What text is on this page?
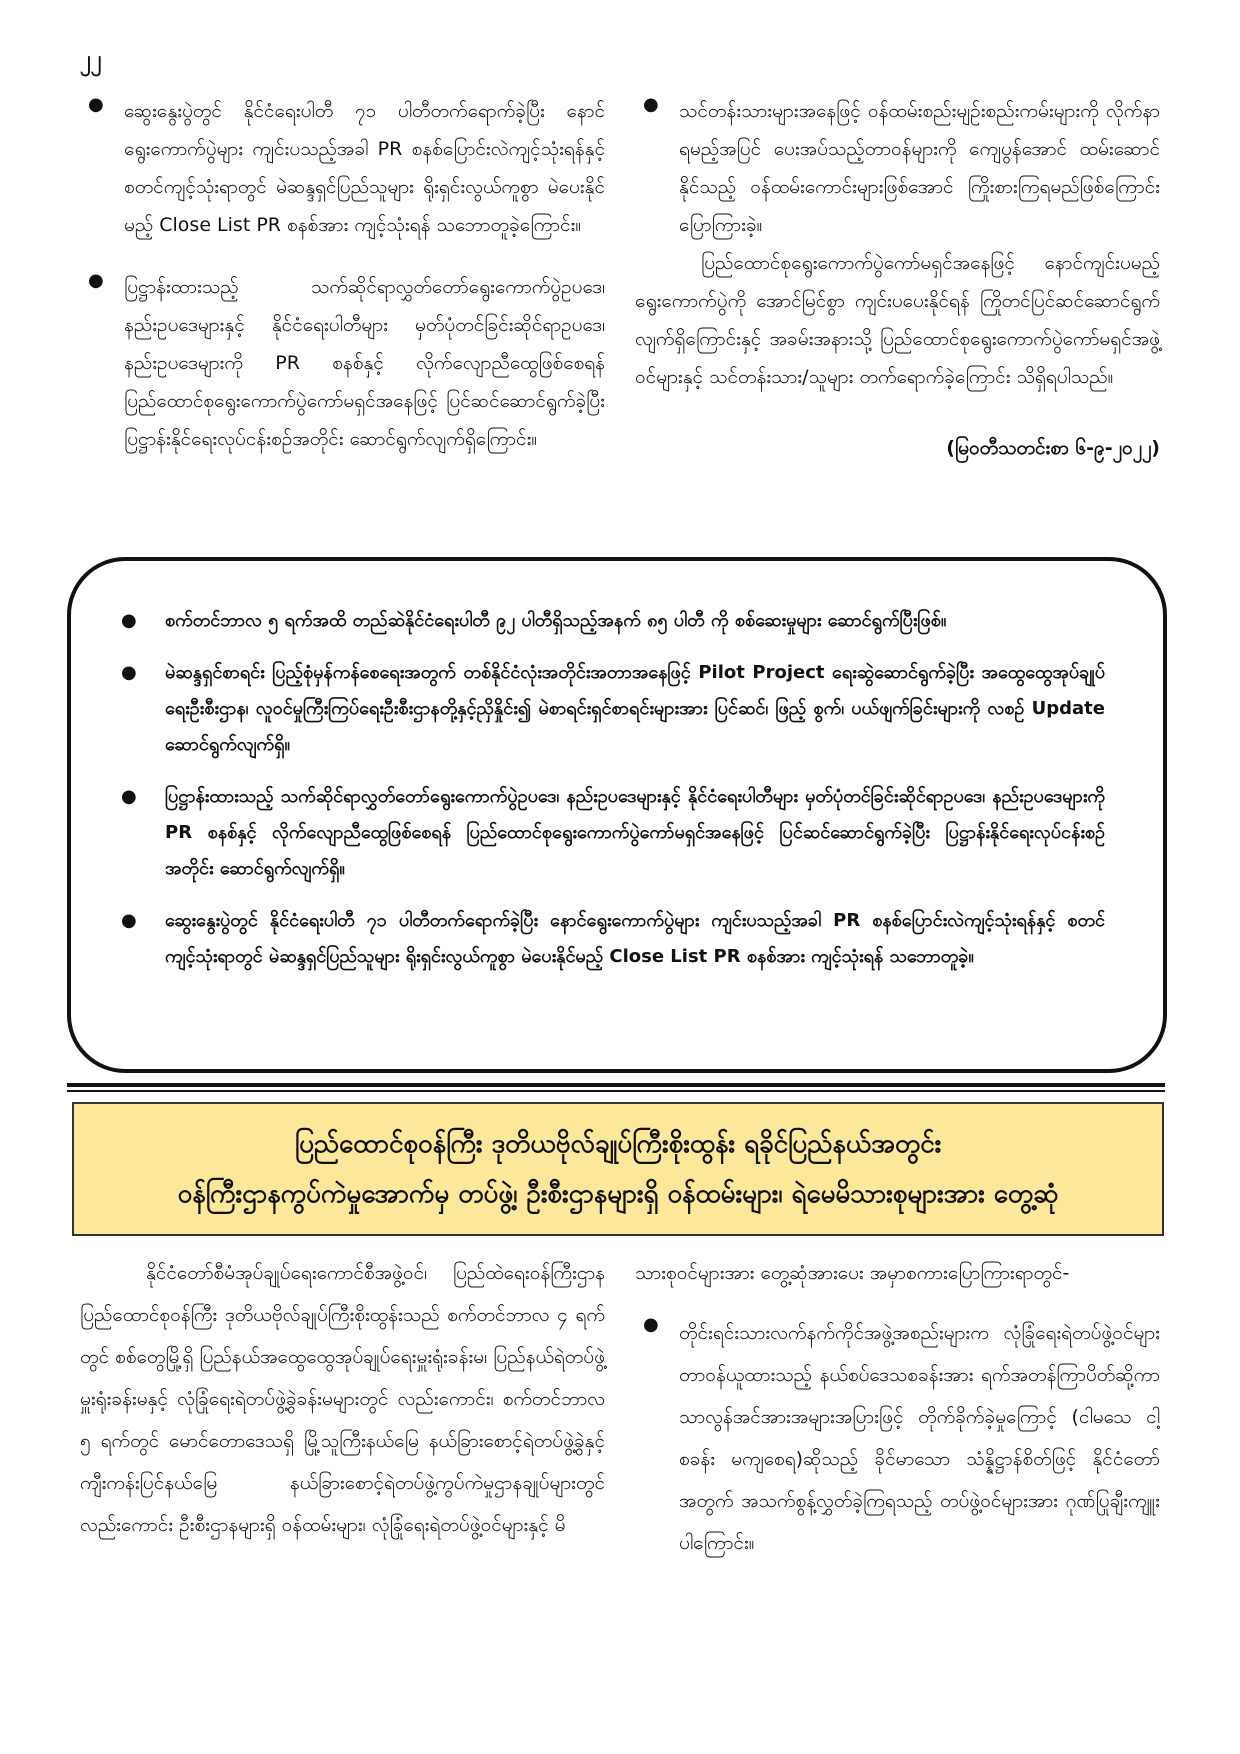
၂၂
● ဆွေးနွေးပွဲတွင် နိုင်ငံရေးပါတီ ၇၁ ပါတီတက်ရောက်ခဲ့ပြီး နောင်ရွေးကောက်ပွဲများ ကျင်းပသည့်အခါ PR စနစ်ပြောင်းလဲကျင့်သုံးရန်နှင့် စတင်ကျင့်သုံးရာတွင် မဲဆန္ဒရှင်ပြည်သူများ ရိုးရှင်းလွယ်ကူစွာ မဲပေးနိုင်မည့် Close List PR စနစ်အား ကျင့်သုံးရန် သဘောတူခဲ့ကြောင်း။
● ပြဋ္ဌာန်းထားသည့် သက်ဆိုင်ရာလွှတ်တော်ရွေးကောက်ပွဲဥပဒေ၊ နည်းဥပဒေများနှင့် နိုင်ငံရေးပါတီများ မှတ်ပုံတင်ခြင်းဆိုင်ရာဥပဒေ၊ နည်းဥပဒေများကို PR စနစ်နှင့် လိုက်လျောညီထွေဖြစ်စေရန် ပြည်ထောင်စုရွေးကောက်ပွဲကော်မရှင်အနေဖြင့် ပြင်ဆင်ဆောင်ရွက်ခဲ့ပြီး ပြဋ္ဌာန်းနိုင်ရေးလုပ်ငန်းစဉ်အတိုင်း ဆောင်ရွက်လျက်ရှိကြောင်း။
● သင်တန်းသားများအနေဖြင့် ဝန်ထမ်းစည်းမျဉ်းစည်းကမ်းများကို လိုက်နာရမည့်အပြင် ပေးအပ်သည့်တာဝန်များကို ကျေပွန်အောင် ထမ်းဆောင်နိုင်သည့် ဝန်ထမ်းကောင်းများဖြစ်အောင် ကြိုးစားကြရမည်ဖြစ်ကြောင်း ပြောကြားခဲ့။

ပြည်ထောင်စုရွေးကောက်ပွဲကော်မရှင်အနေဖြင့် နောင်ကျင်းပမည့် ရွေးကောက်ပွဲကို အောင်မြင်စွာ ကျင်းပပေးနိုင်ရန် ကြိုတင်ပြင်ဆင်ဆောင်ရွက်လျက်ရှိကြောင်းနှင့် အခမ်းအနားသို့ ပြည်ထောင်စုရွေးကောက်ပွဲကော်မရှင်အဖွဲ့ဝင်များနှင့် သင်တန်းသား/သူများ တက်ရောက်ခဲ့ကြောင်း သိရှိရပါသည်။

(မြဝတီသတင်းစာ ၆-၉-၂၀၂၂)
● စက်တင်ဘာလ ၅ ရက်အထိ တည်ဆဲနိုင်ငံရေးပါတီ ၉၂ ပါတီရှိသည့်အနက် ၈၅ ပါတီ ကို စစ်ဆေးမှုများ ဆောင်ရွက်ပြီးဖြစ်။
● မဲဆန္ဒရှင်စာရင်း ပြည့်စုံမှန်ကန်စေရေးအတွက် တစ်နိုင်ငံလုံးအတိုင်းအတာအနေဖြင့် Pilot Project ရေးဆွဲဆောင်ရွက်ခဲ့ပြီး အထွေထွေအုပ်ချုပ်ရေးဦးစီးဌာန၊ လူဝင်မှုကြီးကြပ်ရေးဦးစီးဌာနတို့နှင့်ညှိနှိုင်း၍ မဲစာရင်းရှင်စာရင်းများအား ပြင်ဆင်၊ ဖြည့် စွက်၊ ပယ်ဖျက်ခြင်းများကို လစဉ် Update ဆောင်ရွက်လျက်ရှိ။
● ပြဋ္ဌာန်းထားသည့် သက်ဆိုင်ရာလွှတ်တော်ရွေးကောက်ပွဲဥပဒေ၊ နည်းဥပဒေများနှင့် နိုင်ငံရေးပါတီများ မှတ်ပုံတင်ခြင်းဆိုင်ရာဥပဒေ၊ နည်းဥပဒေများကို PR စနစ်နှင့် လိုက်လျောညီထွေဖြစ်စေရန် ပြည်ထောင်စုရွေးကောက်ပွဲကော်မရှင်အနေဖြင့် ပြင်ဆင်ဆောင်ရွက်ခဲ့ပြီး ပြဋ္ဌာန်းနိုင်ရေးလုပ်ငန်းစဉ်အတိုင်း ဆောင်ရွက်လျက်ရှိ။
● ဆွေးနွေးပွဲတွင် နိုင်ငံရေးပါတီ ၇၁ ပါတီတက်ရောက်ခဲ့ပြီး နောင်ရွေးကောက်ပွဲများ ကျင်းပသည့်အခါ PR စနစ်ပြောင်းလဲကျင့်သုံးရန်နှင့် စတင်ကျင့်သုံးရာတွင် မဲဆန္ဒရှင်ပြည်သူများ ရိုးရှင်းလွယ်ကူစွာ မဲပေးနိုင်မည့် Close List PR စနစ်အား ကျင့်သုံးရန် သဘောတူခဲ့။
ပြည်ထောင်စုဝန်ကြီး ဒုတိယဗိုလ်ချုပ်ကြီးစိုးထွန်း ရခိုင်ပြည်နယ်အတွင်း
ဝန်ကြီးဌာနကွပ်ကဲမှုအောက်မှ တပ်ဖွဲ့၊ ဦးစီးဌာနများရှိ ဝန်ထမ်းများ၊ ရဲမေမိသားစုများအား တွေ့ဆုံ

နိုင်ငံတော်စီမံအုပ်ချုပ်ရေးကောင်စီအဖွဲ့ဝင်၊ ပြည်ထဲရေးဝန်ကြီးဌာန ပြည်ထောင်စုဝန်ကြီး ဒုတိယဗိုလ်ချုပ်ကြီးစိုးထွန်းသည် စက်တင်ဘာလ ၄ ရက်တွင် စစ်တွေမြို့ရှိ ပြည်နယ်အထွေထွေအုပ်ချုပ်ရေးမှူးရုံးခန်းမ၊ ပြည်နယ်ရဲတပ်ဖွဲ့မှူးရုံးခန်းမနှင့် လုံခြုံရေးရဲတပ်ဖွဲ့ခွဲခန်းမများတွင် လည်းကောင်း၊ စက်တင်ဘာလ ၅ ရက်တွင် မောင်တောဒေသရှိ မြို့သူကြီးနယ်မြေ နယ်ခြားစောင့်ရဲတပ်ဖွဲ့ခွဲနှင့် ကျီးကန်းပြင်နယ်မြေ နယ်ခြားစောင့်ရဲတပ်ဖွဲ့ကွပ်ကဲမှုဌာနချုပ်များတွင်လည်းကောင်း ဦးစီးဌာနများရှိ ဝန်ထမ်းများ၊ လုံခြုံရေးရဲတပ်ဖွဲ့ဝင်များနှင့် မိ

သားစုဝင်များအား တွေ့ဆုံအားပေး အမှာစကားပြောကြားရာတွင်-

● တိုင်းရင်းသားလက်နက်ကိုင်အဖွဲ့အစည်းများက လုံခြုံရေးရဲတပ်ဖွဲ့ဝင်များ တာဝန်ယူထားသည့် နယ်စပ်ဒေသစခန်းအား ရက်အတန်ကြာပိတ်ဆို့ကာ သာလွန်အင်အားအများအပြားဖြင့် တိုက်ခိုက်ခဲ့မှုကြောင့် (ငါမသေ ငါ့စခန်း မကျစေရ)ဆိုသည့် ခိုင်မာသော သံန္နိဋ္ဌာန်စိတ်ဖြင့် နိုင်ငံတော်အတွက် အသက်စွန့်လွှတ်ခဲ့ကြရသည့် တပ်ဖွဲ့ဝင်များအား ဂုဏ်ပြုချီးကျူးပါကြောင်း။
